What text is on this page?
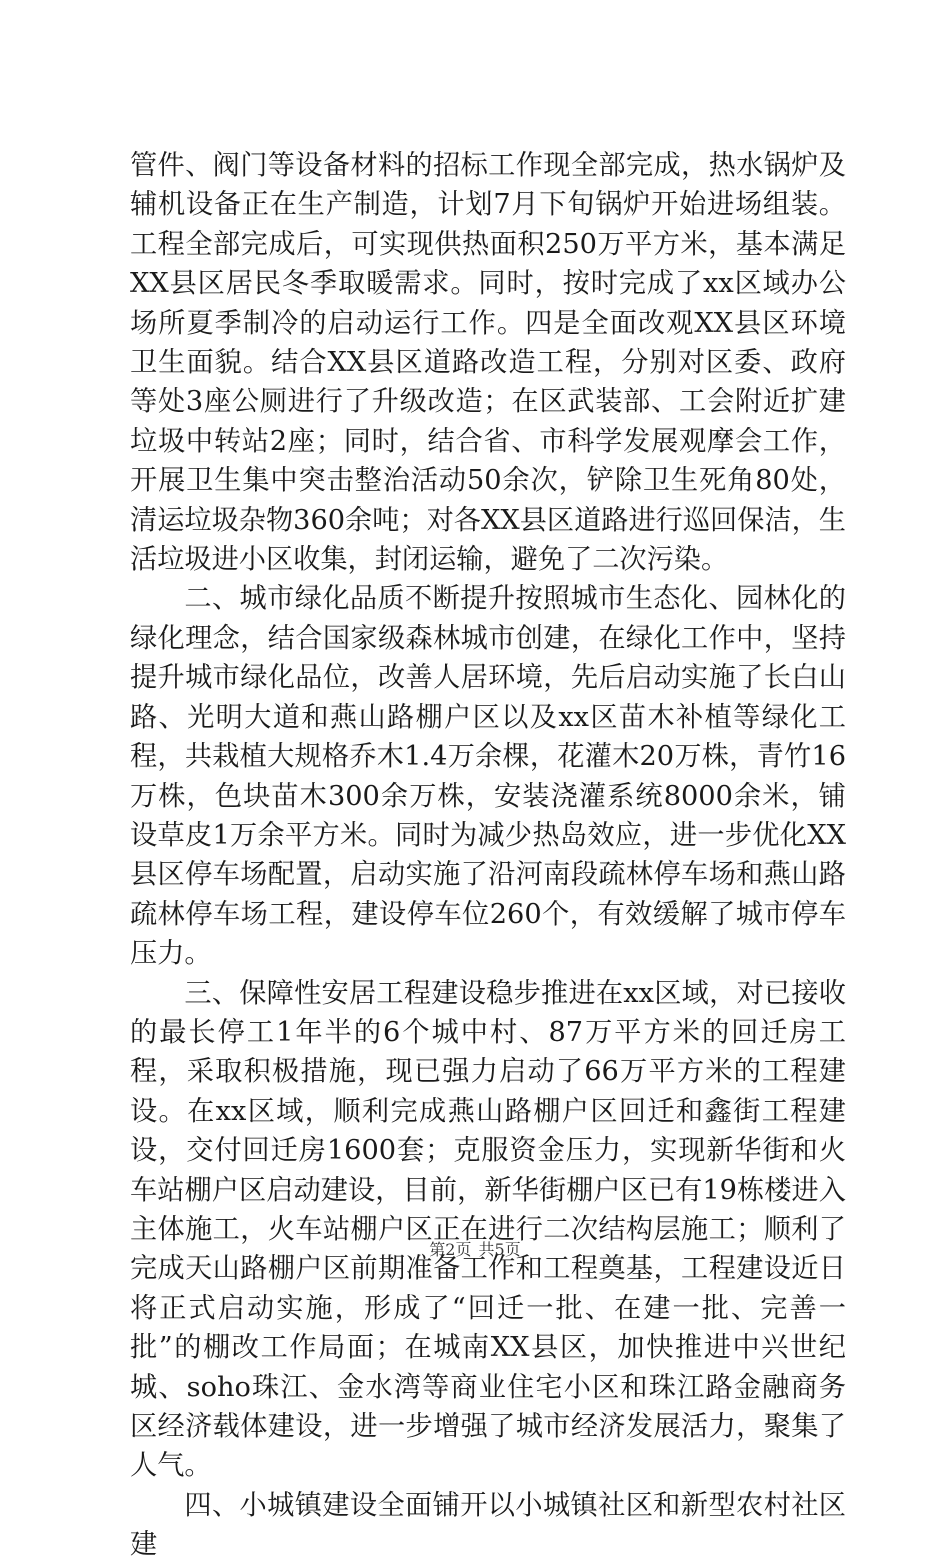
管件、阀门等设备材料的招标工作现全部完成，热水锅炉及辅机设备正在生产制造，计划7月下旬锅炉开始进场组装。工程全部完成后，可实现供热面积250万平方米，基本满足XX县区居民冬季取暖需求。同时，按时完成了xx区域办公场所夏季制冷的启动运行工作。四是全面改观XX县区环境卫生面貌。结合XX县区道路改造工程，分别对区委、政府等处3座公厕进行了升级改造；在区武装部、工会附近扩建垃圾中转站2座；同时，结合省、市科学发展观摩会工作，开展卫生集中突击整治活动50余次，铲除卫生死角80处，清运垃圾杂物360余吨；对各XX县区道路进行巡回保洁，生活垃圾进小区收集，封闭运输，避免了二次污染。

二、城市绿化品质不断提升按照城市生态化、园林化的绿化理念，结合国家级森林城市创建，在绿化工作中，坚持提升城市绿化品位，改善人居环境，先后启动实施了长白山路、光明大道和燕山路棚户区以及xx区苗木补植等绿化工程，共栽植大规格乔木1.4万余棵，花灌木20万株，青竹16万株，色块苗木300余万株，安装浇灌系统8000余米，铺设草皮1万余平方米。同时为减少热岛效应，进一步优化XX县区停车场配置，启动实施了沿河南段疏林停车场和燕山路疏林停车场工程，建设停车位260个，有效缓解了城市停车压力。

三、保障性安居工程建设稳步推进在xx区域，对已接收的最长停工1年半的6个城中村、87万平方米的回迁房工程，采取积极措施，现已强力启动了66万平方米的工程建设。在xx区域，顺利完成燕山路棚户区回迁和鑫街工程建设，交付回迁房1600套；克服资金压力，实现新华街和火车站棚户区启动建设，目前，新华街棚户区已有19栋楼进入主体施工，火车站棚户区正在进行二次结构层施工；顺利了完成天山路棚户区前期准备工作和工程奠基，工程建设近日将正式启动实施，形成了“回迁一批、在建一批、完善一批”的棚改工作局面；在城南XX县区，加快推进中兴世纪城、soho珠江、金水湾等商业住宅小区和珠江路金融商务区经济载体建设，进一步增强了城市经济发展活力，聚集了人气。

四、小城镇建设全面铺开以小城镇社区和新型农村社区建

第2页 共5页
